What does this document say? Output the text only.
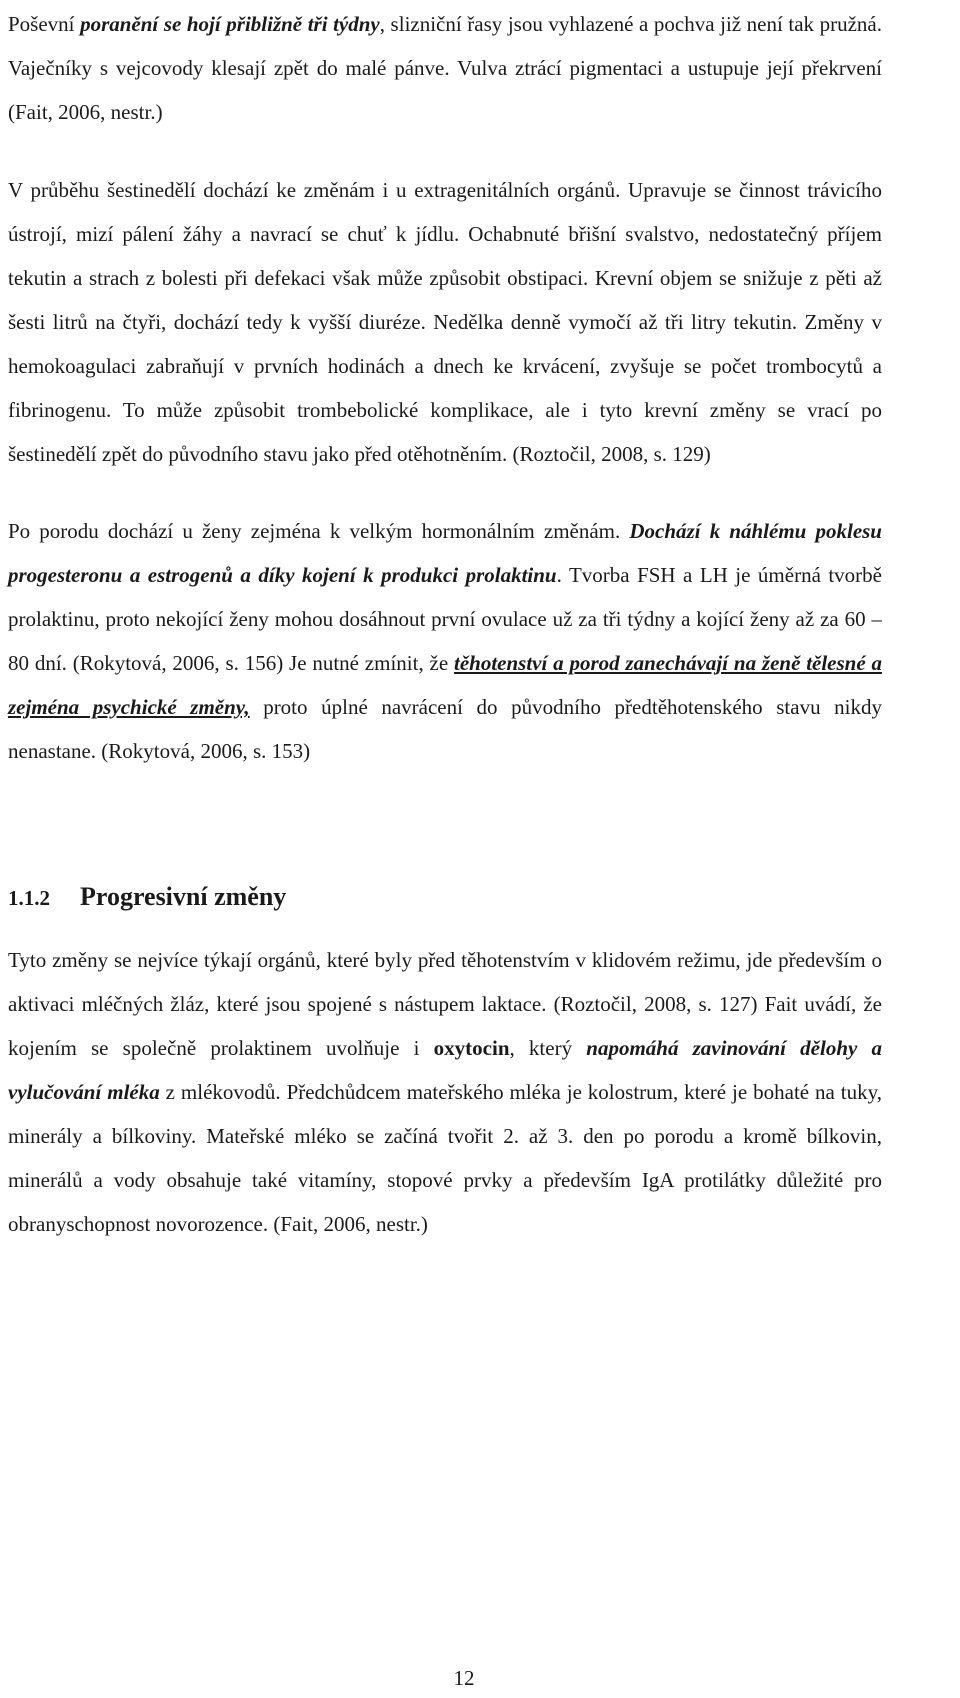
Poševní poranění se hojí přibližně tři týdny, slizniční řasy jsou vyhlazené a pochva již není tak pružná. Vaječníky s vejcovody klesají zpět do malé pánve. Vulva ztrácí pigmentaci a ustupuje její překrvení (Fait, 2006, nestr.)

V průběhu šestinedělí dochází ke změnám i u extragenitálních orgánů. Upravuje se činnost trávicího ústrojí, mizí pálení žáhy a navrací se chuť k jídlu. Ochabnuté břišní svalstvo, nedostatečný příjem tekutin a strach z bolesti při defekaci však může způsobit obstipaci. Krevní objem se snižuje z pěti až šesti litrů na čtyři, dochází tedy k vyšší diuréze. Nedělka denně vymočí až tři litry tekutin. Změny v hemokoagulaci zabraňují v prvních hodinách a dnech ke krvácení, zvyšuje se počet trombocytů a fibrinogenu. To může způsobit trombebolické komplikace, ale i tyto krevní změny se vrací po šestinedělí zpět do původního stavu jako před otěhotněním. (Roztočil, 2008, s. 129)

Po porodu dochází u ženy zejména k velkým hormonálním změnám. Dochází k náhlému poklesu progesteronu a estrogenů a díky kojení k produkci prolaktinu. Tvorba FSH a LH je úměrná tvorbě prolaktinu, proto nekojící ženy mohou dosáhnout první ovulace už za tři týdny a kojící ženy až za 60 – 80 dní. (Rokytová, 2006, s. 156) Je nutné zmínit, že těhotenství a porod zanechávají na ženě tělesné a zejména psychické změny, proto úplné navrácení do původního předtěhotenského stavu nikdy nenastane. (Rokytová, 2006, s. 153)

1.1.2 Progresivní změny

Tyto změny se nejvíce týkají orgánů, které byly před těhotenstvím v klidovém režimu, jde především o aktivaci mléčných žláz, které jsou spojené s nástupem laktace. (Roztočil, 2008, s. 127) Fait uvádí, že kojením se společně prolaktinem uvolňuje i oxytocin, který napomáhá zavinování dělohy a vylučování mléka z mlékovodů. Předchůdcem mateřského mléka je kolostrum, které je bohaté na tuky, minerály a bílkoviny. Mateřské mléko se začíná tvořit 2. až 3. den po porodu a kromě bílkovin, minerálů a vody obsahuje také vitamíny, stopové prvky a především IgA protilátky důležité pro obranyschopnost novorozence. (Fait, 2006, nestr.)

12
